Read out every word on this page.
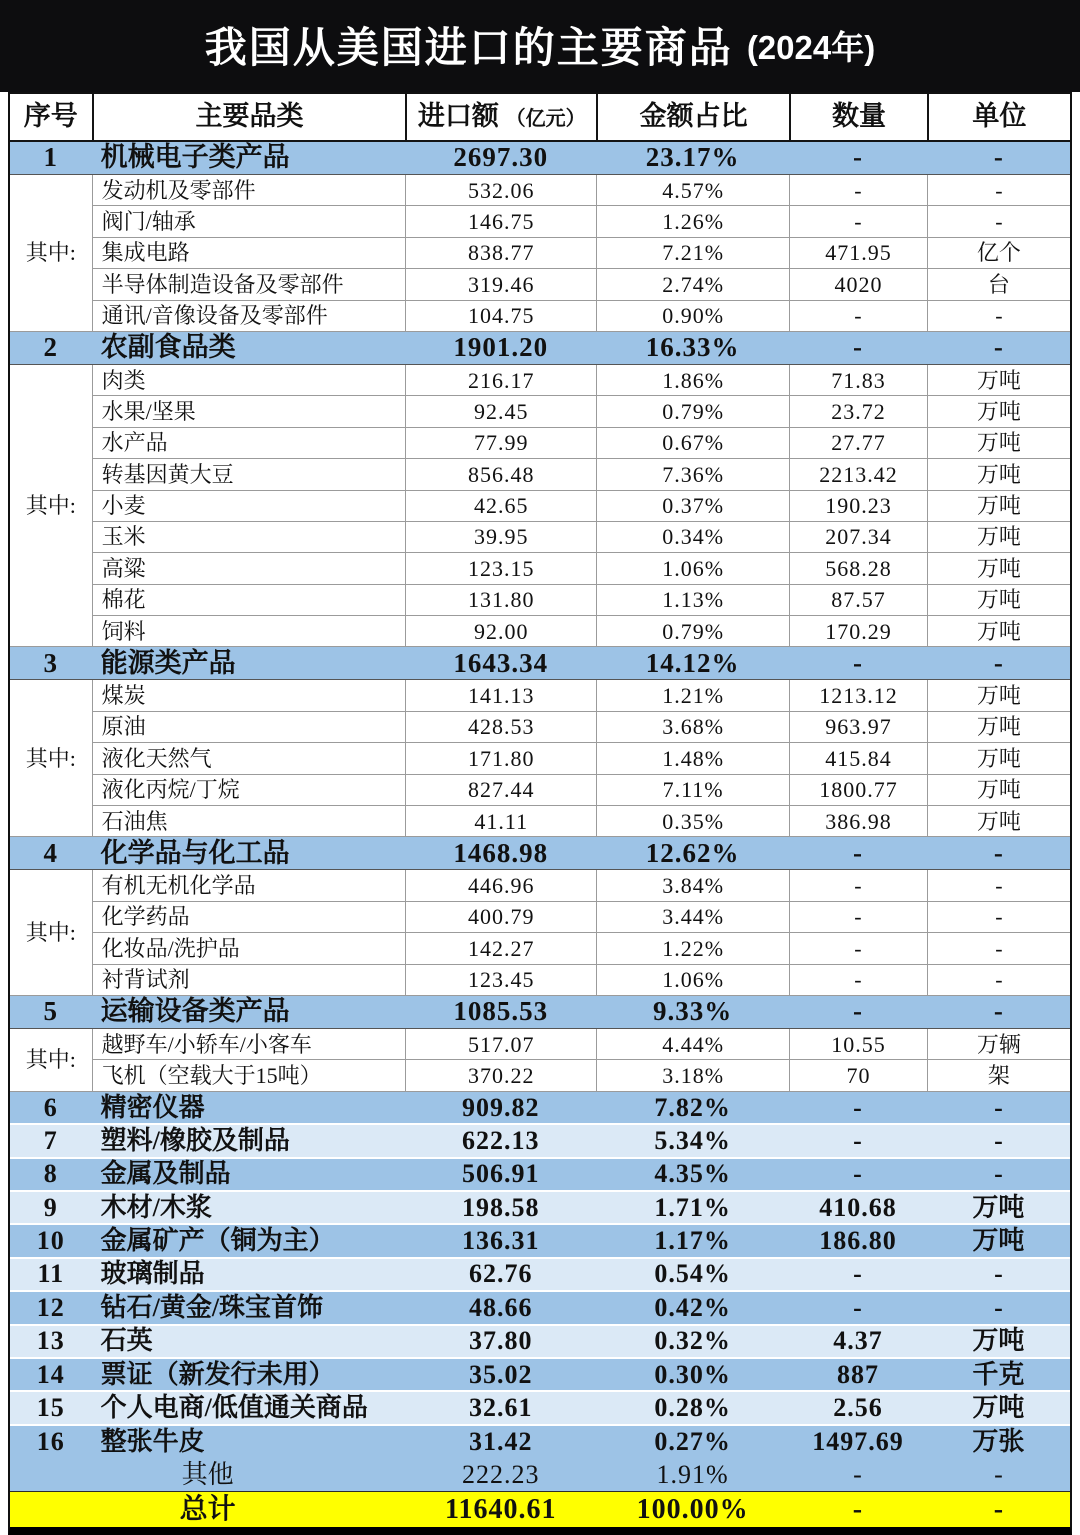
我国从美国进口的主要商品 (2024年)
序号	主要品类	进口额 （亿元）	金额占比	数量	单位
1	机械电子类产品	2697.30	23.17%	-	-
其中:	发动机及零部件	532.06	4.57%	-	-
	阀门/轴承	146.75	1.26%	-	-
	集成电路	838.77	7.21%	471.95	亿个
	半导体制造设备及零部件	319.46	2.74%	4020	台
	通讯/音像设备及零部件	104.75	0.90%	-	-
2	农副食品类	1901.20	16.33%	-	-
其中:	肉类	216.17	1.86%	71.83	万吨
	水果/坚果	92.45	0.79%	23.72	万吨
	水产品	77.99	0.67%	27.77	万吨
	转基因黄大豆	856.48	7.36%	2213.42	万吨
	小麦	42.65	0.37%	190.23	万吨
	玉米	39.95	0.34%	207.34	万吨
	高粱	123.15	1.06%	568.28	万吨
	棉花	131.80	1.13%	87.57	万吨
	饲料	92.00	0.79%	170.29	万吨
3	能源类产品	1643.34	14.12%	-	-
其中:	煤炭	141.13	1.21%	1213.12	万吨
	原油	428.53	3.68%	963.97	万吨
	液化天然气	171.80	1.48%	415.84	万吨
	液化丙烷/丁烷	827.44	7.11%	1800.77	万吨
	石油焦	41.11	0.35%	386.98	万吨
4	化学品与化工品	1468.98	12.62%	-	-
其中:	有机无机化学品	446.96	3.84%	-	-
	化学药品	400.79	3.44%	-	-
	化妆品/洗护品	142.27	1.22%	-	-
	衬背试剂	123.45	1.06%	-	-
5	运输设备类产品	1085.53	9.33%	-	-
其中:	越野车/小轿车/小客车	517.07	4.44%	10.55	万辆
	飞机（空载大于15吨）	370.22	3.18%	70	架
6	精密仪器	909.82	7.82%	-	-
7	塑料/橡胶及制品	622.13	5.34%	-	-
8	金属及制品	506.91	4.35%	-	-
9	木材/木浆	198.58	1.71%	410.68	万吨
10	金属矿产（铜为主）	136.31	1.17%	186.80	万吨
11	玻璃制品	62.76	0.54%	-	-
12	钻石/黄金/珠宝首饰	48.66	0.42%	-	-
13	石英	37.80	0.32%	4.37	万吨
14	票证（新发行未用）	35.02	0.30%	887	千克
15	个人电商/低值通关商品	32.61	0.28%	2.56	万吨
16	整张牛皮	31.42	0.27%	1497.69	万张
其他		222.23	1.91%	-	-
总计		11640.61	100.00%	-	-
